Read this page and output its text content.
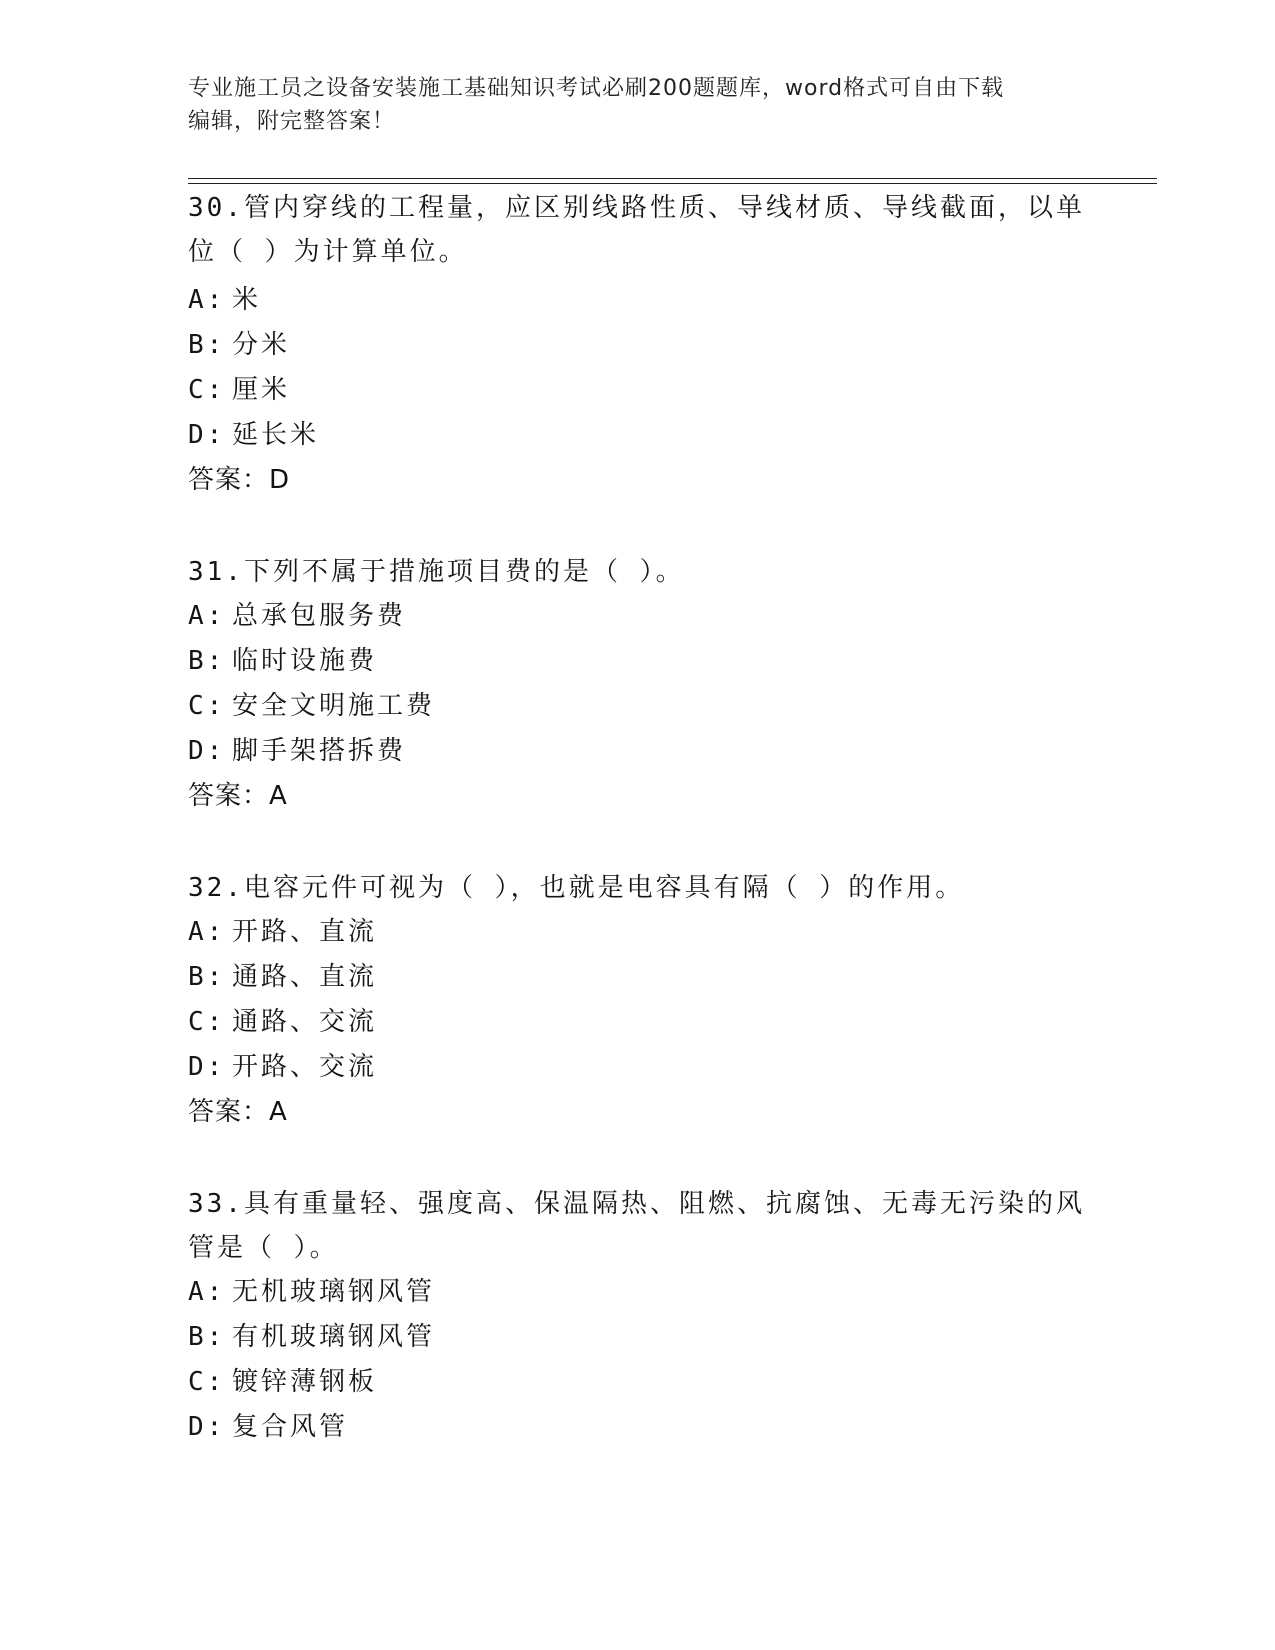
专业施工员之设备安装施工基础知识考试必刷200题题库，word格式可自由下载
编辑，附完整答案！
30.管内穿线的工程量，应区别线路性质、导线材质、导线截面，以单
位（ ）为计算单位。
A: 米
B: 分米
C: 厘米
D: 延长米
答案：D
31.下列不属于措施项目费的是（ ）。
A: 总承包服务费
B: 临时设施费
C: 安全文明施工费
D: 脚手架搭拆费
答案：A
32.电容元件可视为（ ），也就是电容具有隔（ ）的作用。
A: 开路、直流
B: 通路、直流
C: 通路、交流
D: 开路、交流
答案：A
33.具有重量轻、强度高、保温隔热、阻燃、抗腐蚀、无毒无污染的风
管是（ ）。
A: 无机玻璃钢风管
B: 有机玻璃钢风管
C: 镀锌薄钢板
D: 复合风管
